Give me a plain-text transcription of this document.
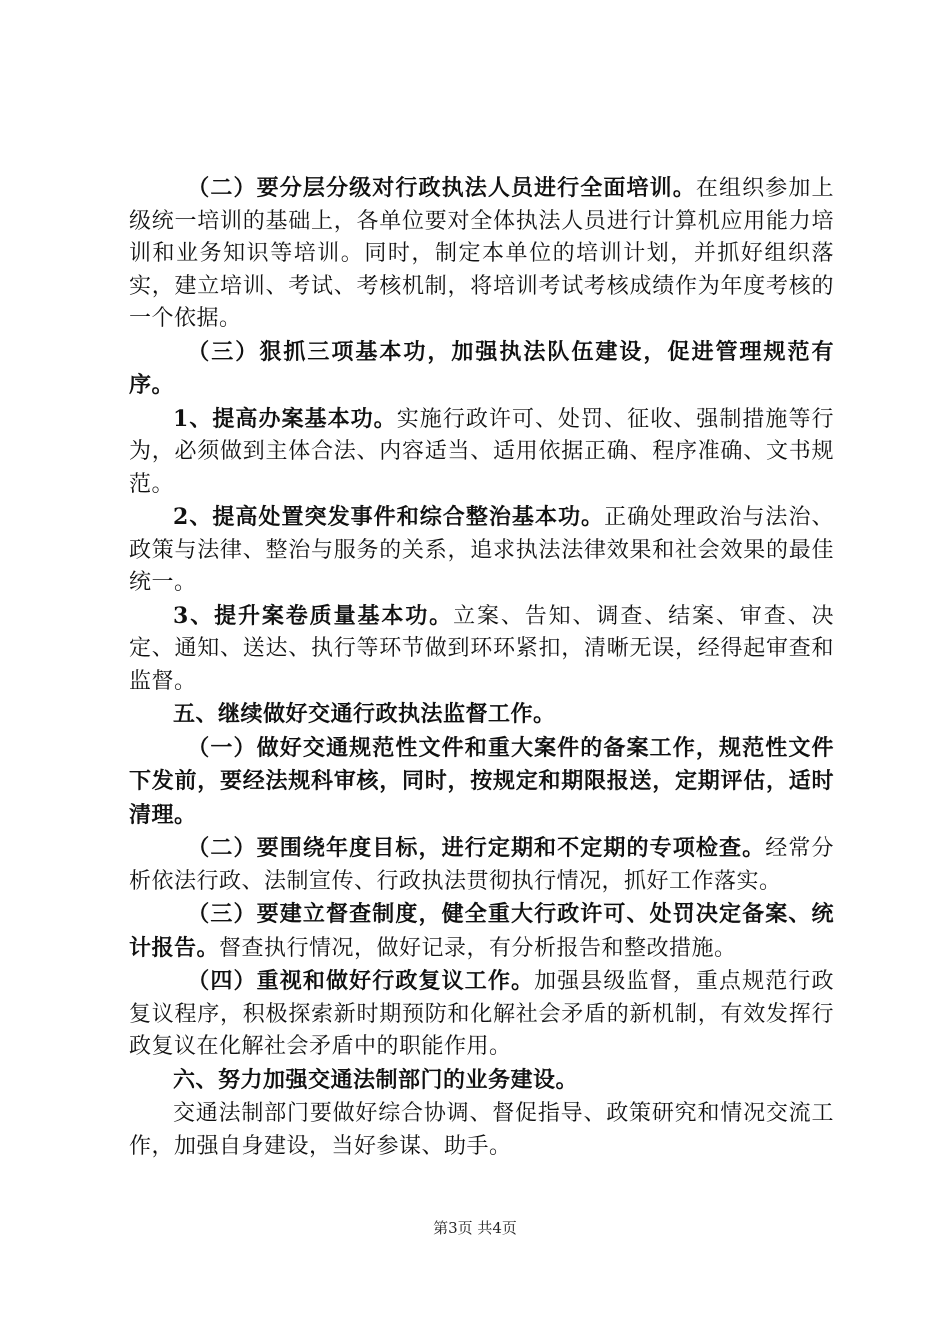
（二）要分层分级对行政执法人员进行全面培训。在组织参加上级统一培训的基础上，各单位要对全体执法人员进行计算机应用能力培训和业务知识等培训。同时，制定本单位的培训计划，并抓好组织落实，建立培训、考试、考核机制，将培训考试考核成绩作为年度考核的一个依据。

（三）狠抓三项基本功，加强执法队伍建设，促进管理规范有序。

1、提高办案基本功。实施行政许可、处罚、征收、强制措施等行为，必须做到主体合法、内容适当、适用依据正确、程序准确、文书规范。

2、提高处置突发事件和综合整治基本功。正确处理政治与法治、政策与法律、整治与服务的关系，追求执法法律效果和社会效果的最佳统一。

3、提升案卷质量基本功。立案、告知、调查、结案、审查、决定、通知、送达、执行等环节做到环环紧扣，清晰无误，经得起审查和监督。

五、继续做好交通行政执法监督工作。

（一）做好交通规范性文件和重大案件的备案工作，规范性文件下发前，要经法规科审核，同时，按规定和期限报送，定期评估，适时清理。

（二）要围绕年度目标，进行定期和不定期的专项检查。经常分析依法行政、法制宣传、行政执法贯彻执行情况，抓好工作落实。

（三）要建立督查制度，健全重大行政许可、处罚决定备案、统计报告。督查执行情况，做好记录，有分析报告和整改措施。

（四）重视和做好行政复议工作。加强县级监督，重点规范行政复议程序，积极探索新时期预防和化解社会矛盾的新机制，有效发挥行政复议在化解社会矛盾中的职能作用。

六、努力加强交通法制部门的业务建设。

交通法制部门要做好综合协调、督促指导、政策研究和情况交流工作，加强自身建设，当好参谋、助手。

第3页 共4页
